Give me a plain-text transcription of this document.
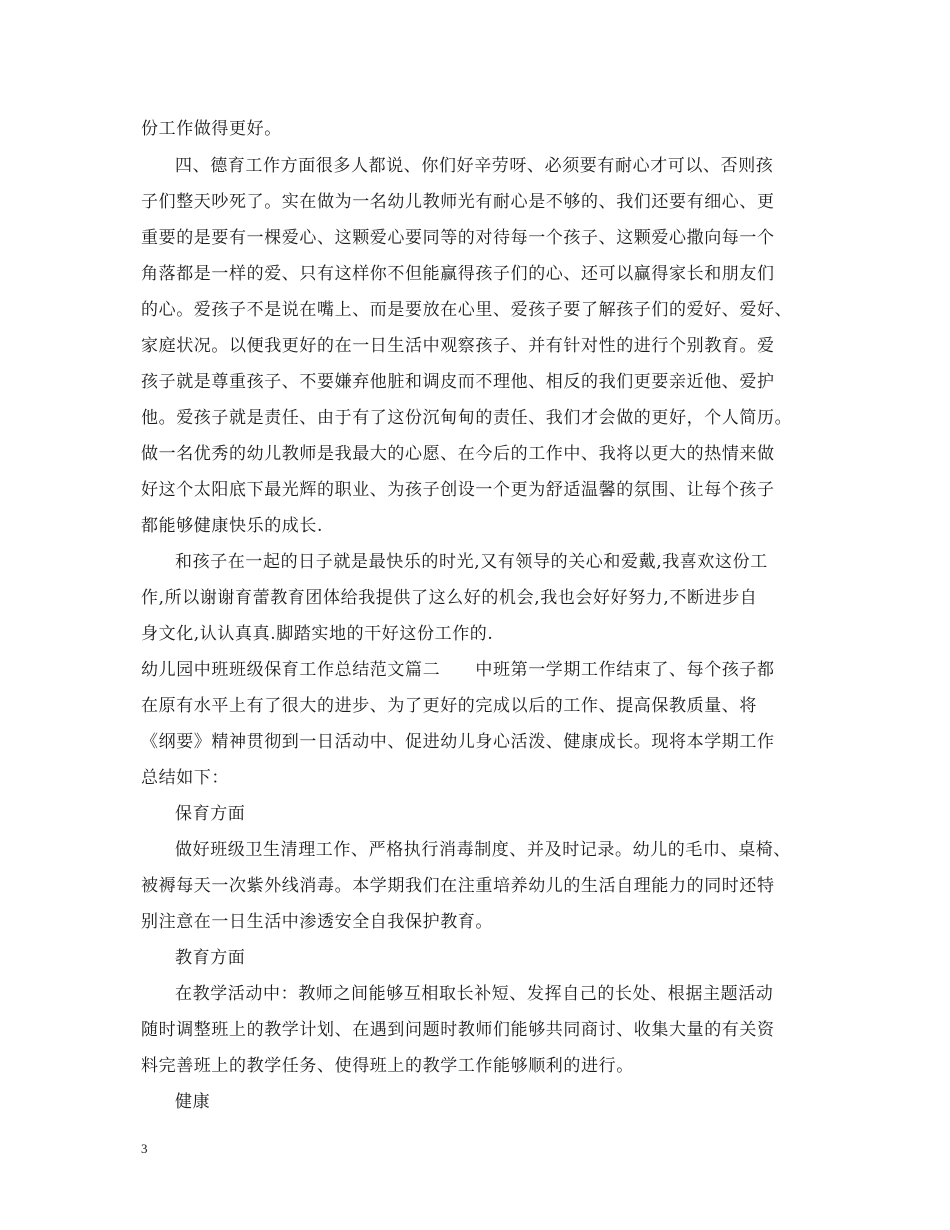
份工作做得更好。
四、德育工作方面很多人都说、你们好辛劳呀、必须要有耐心才可以、否则孩
子们整天吵死了。实在做为一名幼儿教师光有耐心是不够的、我们还要有细心、更
重要的是要有一棵爱心、这颗爱心要同等的对待每一个孩子、这颗爱心撒向每一个
角落都是一样的爱、只有这样你不但能赢得孩子们的心、还可以赢得家长和朋友们
的心。爱孩子不是说在嘴上、而是要放在心里、爱孩子要了解孩子们的爱好、爱好、
家庭状况。以便我更好的在一日生活中观察孩子、并有针对性的进行个别教育。爱
孩子就是尊重孩子、不要嫌弃他脏和调皮而不理他、相反的我们更要亲近他、爱护
他。爱孩子就是责任、由于有了这份沉甸甸的责任、我们才会做的更好，个人简历。
做一名优秀的幼儿教师是我最大的心愿、在今后的工作中、我将以更大的热情来做
好这个太阳底下最光辉的职业、为孩子创设一个更为舒适温馨的氛围、让每个孩子
都能够健康快乐的成长.
和孩子在一起的日子就是最快乐的时光,又有领导的关心和爱戴,我喜欢这份工
作,所以谢谢育蕾教育团体给我提供了这么好的机会,我也会好好努力,不断进步自
身文化,认认真真.脚踏实地的干好这份工作的.
幼儿园中班班级保育工作总结范文篇二　　中班第一学期工作结束了、每个孩子都
在原有水平上有了很大的进步、为了更好的完成以后的工作、提高保教质量、将
《纲要》精神贯彻到一日活动中、促进幼儿身心活泼、健康成长。现将本学期工作
总结如下：
保育方面
做好班级卫生清理工作、严格执行消毒制度、并及时记录。幼儿的毛巾、桌椅、
被褥每天一次紫外线消毒。本学期我们在注重培养幼儿的生活自理能力的同时还特
别注意在一日生活中渗透安全自我保护教育。
教育方面
在教学活动中：教师之间能够互相取长补短、发挥自己的长处、根据主题活动
随时调整班上的教学计划、在遇到问题时教师们能够共同商讨、收集大量的有关资
料完善班上的教学任务、使得班上的教学工作能够顺利的进行。
健康
3
